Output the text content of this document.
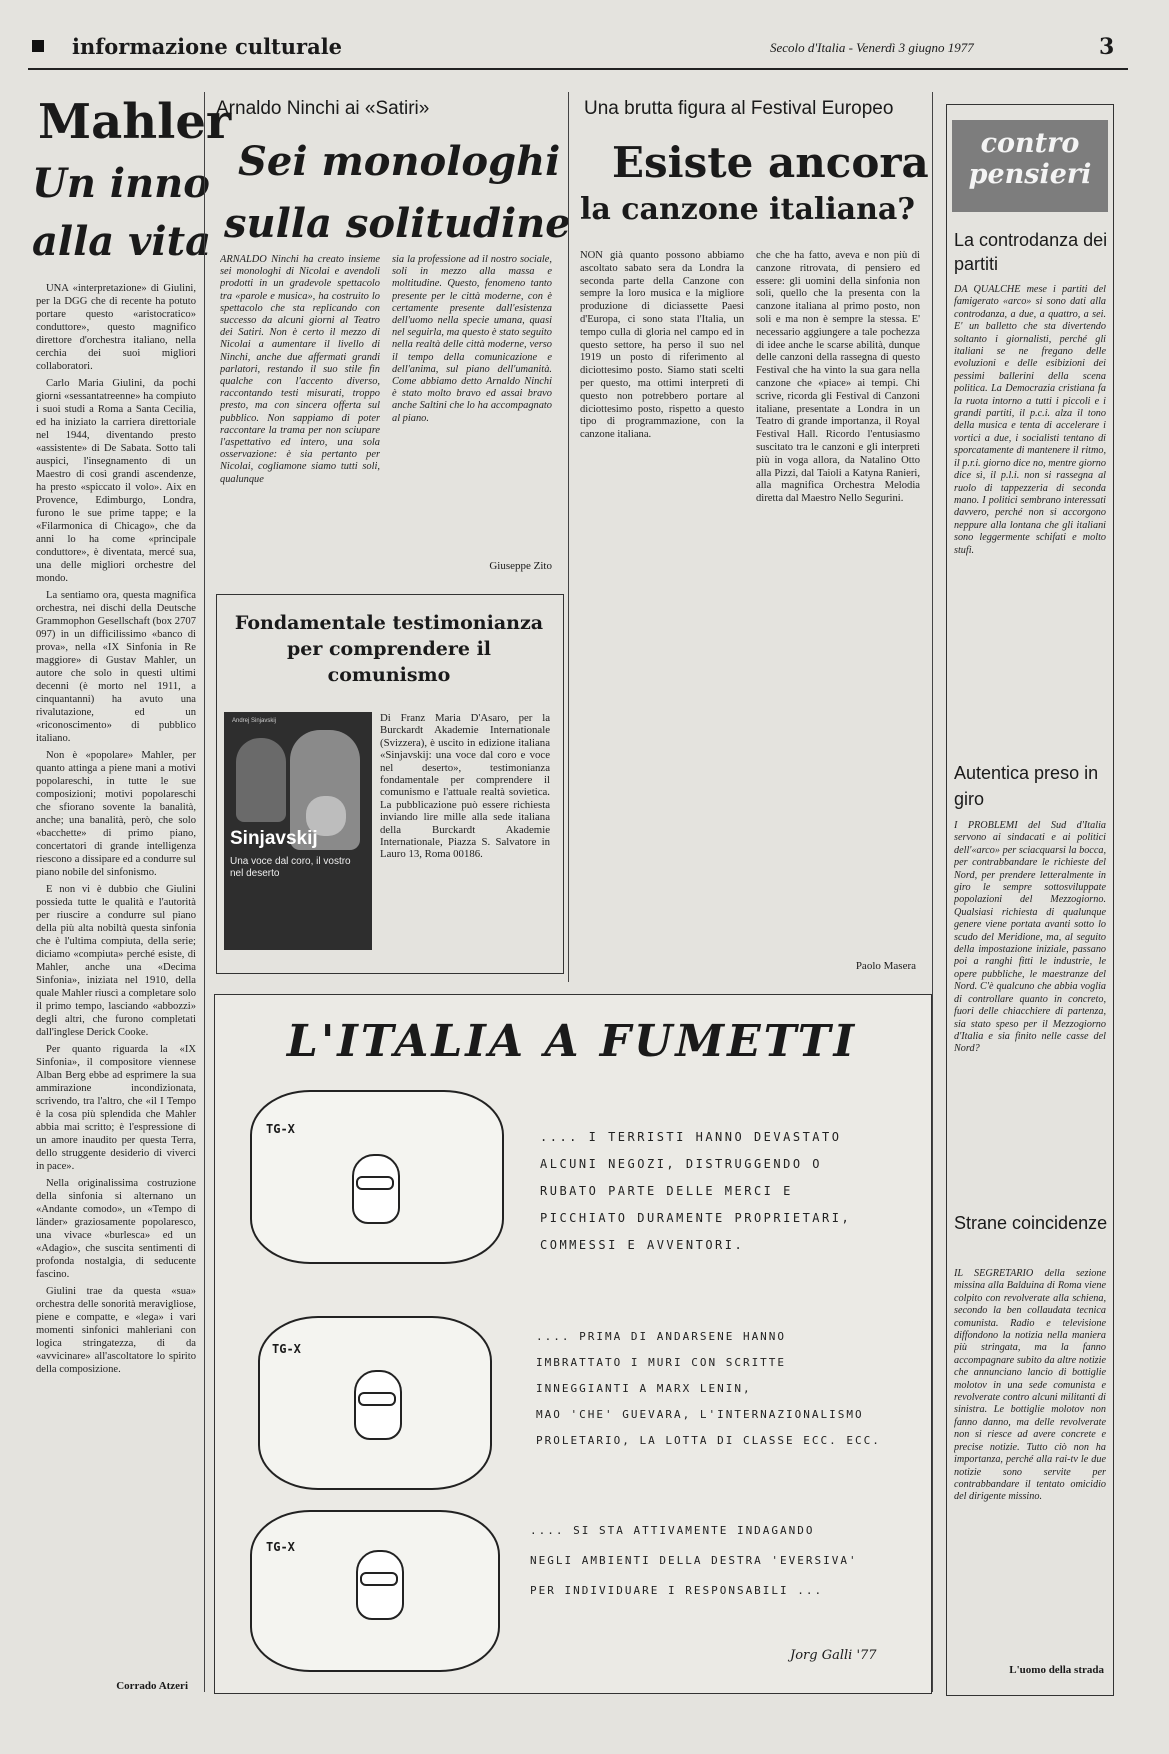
informazione culturale	Secolo d'Italia - Venerdì 3 giugno 1977	3
Mahler
Un inno
alla vita

UNA «interpretazione» di Giulini, per la DGG che di recente ha potuto portare questo «aristocratico» conduttore», questo magnifico direttore d'orchestra italiano, nella cerchia dei suoi migliori collaboratori.

Carlo Maria Giulini, da pochi giorni «sessantatreenne» ha compiuto i suoi studi a Roma a Santa Cecilia, ed ha iniziato la carriera direttoriale nel 1944, diventando presto «assistente» di De Sabata. Sotto tali auspici, l'insegnamento di un Maestro di così grandi ascendenze, ha presto «spiccato il volo». Aix en Provence, Edimburgo, Londra, furono le sue prime tappe; e la «Filarmonica di Chicago», che da anni lo ha come «principale conduttore», è diventata, mercé sua, una delle migliori orchestre del mondo.

La sentiamo ora, questa magnifica orchestra, nei dischi della Deutsche Grammophon Gesellschaft (box 2707 097) in un difficilissimo «banco di prova», nella «IX Sinfonia in Re maggiore» di Gustav Mahler, un autore che solo in questi ultimi decenni (è morto nel 1911, a cinquantanni) ha avuto una rivalutazione, ed un «riconoscimento» di pubblico italiano.

Non è «popolare» Mahler, per quanto attinga a piene mani a motivi popolareschi, in tutte le sue composizioni; motivi popolareschi che sfiorano sovente la banalità, anche; una banalità, però, che solo «bacchette» di primo piano, concertatori di grande intelligenza riescono a dissipare ed a condurre sul piano nobile del sinfonismo.

E non vi è dubbio che Giulini possieda tutte le qualità e l'autorità per riuscire a condurre sul piano della più alta nobiltà questa sinfonia che è l'ultima compiuta, della serie; diciamo «compiuta» perché esiste, di Mahler, anche una «Decima Sinfonia», iniziata nel 1910, della quale Mahler riuscì a completare solo il primo tempo, lasciando «abbozzi» degli altri, che furono completati dall'inglese Derick Cooke.

Per quanto riguarda la «IX Sinfonia», il compositore viennese Alban Berg ebbe ad esprimere la sua ammirazione incondizionata, scrivendo, tra l'altro, che «il I Tempo è la cosa più splendida che Mahler abbia mai scritto; è l'espressione di un amore inaudito per questa Terra, dello struggente desiderio di viverci in pace».

Nella originalissima costruzione della sinfonia si alternano un «Andante comodo», un «Tempo di länder» graziosamente popolaresco, una vivace «burlesca» ed un «Adagio», che suscita sentimenti di profonda nostalgia, di seducente fascino.

Giulini trae da questa «sua» orchestra delle sonorità meravigliose, piene e compatte, e «lega» i vari momenti sinfonici mahleriani con logica stringatezza, di da «avvicinare» all'ascoltatore lo spirito della composizione.

Corrado Atzeri
Arnaldo Ninchi ai «Satiri»
Sei monologhi
sulla solitudine
ARNALDO Ninchi ha creato insieme sei monologhi di Nicolai e avendoli prodotti in un gradevole spettacolo tra «parole e musica», ha costruito lo spettacolo che sta replicando con successo da alcuni giorni al Teatro dei Satiri. Non è certo il mezzo di Nicolai a aumentare il livello di Ninchi, anche due affermati grandi parlatori, restando il suo stile fin qualche con l'accento diverso, raccontando testi misurati, troppo presto, ma con sincera offerta sul pubblico. Non sappiamo di poter raccontare la trama per non sciupare l'aspettativo ed intero, una sola osservazione: è sia pertanto per Nicolai, cogliamone siamo tutti soli, qualunque
sia la professione ad il nostro sociale, soli in mezzo alla massa e moltitudine. Questo, fenomeno tanto presente per le città moderne, con è certamente presente dall'esistenza dell'uomo nella specie umana, quasi nel seguirla, ma questo è stato seguito nella realtà delle città moderne, verso il tempo della comunicazione e dell'anima, sul piano dell'umanità. Come abbiamo detto Arnaldo Ninchi è stato molto bravo ed assai bravo anche Saltini che lo ha accompagnato al piano.
Giuseppe Zito
Fondamentale testimonianza per comprendere il comunismo
Andrej Sinjavskij
Sinjavskij
Una voce dal coro, il vostro nel deserto
Di Franz Maria D'Asaro, per la Burckardt Akademie Internationale (Svizzera), è uscito in edizione italiana «Sinjavskij: una voce dal coro e voce nel deserto», testimonianza fondamentale per comprendere il comunismo e l'attuale realtà sovietica. La pubblicazione può essere richiesta inviando lire mille alla sede italiana della Burckardt Akademie Internationale, Piazza S. Salvatore in Lauro 13, Roma 00186.
Una brutta figura al Festival Europeo
Esiste ancora
la canzone italiana?
NON già quanto possono abbiamo ascoltato sabato sera da Londra la seconda parte della Canzone con sempre la loro musica e la migliore produzione di diciassette Paesi d'Europa, ci sono stata l'Italia, un tempo culla di gloria nel campo ed in questo settore, ha perso il suo nel 1919 un posto di riferimento al diciottesimo posto. Siamo stati scelti per questo, ma ottimi interpreti di questo non potrebbero portare al diciottesimo posto, rispetto a questo tipo di programmazione, con la canzone italiana.
che che ha fatto, aveva e non più di canzone ritrovata, di pensiero ed essere: gli uomini della sinfonia non soli, quello che la presenta con la canzone italiana al primo posto, non soli e ma non è sempre la stessa. E' necessario aggiungere a tale pochezza di idee anche le scarse abilità, dunque delle canzoni della rassegna di questo Festival che ha vinto la sua gara nella canzone che «piace» ai tempi. Chi scrive, ricorda gli Festival di Canzoni italiane, presentate a Londra in un Teatro di grande importanza, il Royal Festival Hall. Ricordo l'entusiasmo suscitato tra le canzoni e gli interpreti più in voga allora, da Natalino Otto alla Pizzi, dal Taioli a Katyna Ranieri, alla magnifica Orchestra Melodia diretta dal Maestro Nello Segurini.
Paolo Masera
L'ITALIA A FUMETTI
TG‑X
.... I TERRISTI HANNO DEVASTATO
ALCUNI NEGOZI, DISTRUGGENDO O
RUBATO PARTE DELLE MERCI E
PICCHIATO DURAMENTE PROPRIETARI,
COMMESSI E AVVENTORI.
TG‑X
.... PRIMA DI ANDARSENE HANNO
IMBRATTATO I MURI CON SCRITTE
INNEGGIANTI A MARX LENIN,
MAO 'CHE' GUEVARA, L'INTERNAZIONALISMO
PROLETARIO, LA LOTTA DI CLASSE ECC. ECC.
TG‑X
.... SI STA ATTIVAMENTE INDAGANDO
NEGLI AMBIENTI DELLA DESTRA 'EVERSIVA'
PER INDIVIDUARE I RESPONSABILI ...
Jorg Galli '77
contro
pensieri
La controdanza dei partiti
DA QUALCHE mese i partiti del famigerato «arco» si sono dati alla controdanza, a due, a quattro, a sei. E' un balletto che sta divertendo soltanto i giornalisti, perché gli italiani se ne fregano delle evoluzioni e delle esibizioni dei pessimi ballerini della scena politica. La Democrazia cristiana fa la ruota intorno a tutti i piccoli e i grandi partiti, il p.c.i. alza il tono della musica e tenta di accelerare i vortici a due, i socialisti tentano di sporcatamente di mantenere il ritmo, il p.r.i. giorno dice no, mentre giorno dice sì, il p.l.i. non si rassegna al ruolo di tappezzeria di seconda mano. I politici sembrano interessati davvero, perché non si accorgono neppure alla lontana che gli italiani sono leggermente schifati e molto stufi.
Autentica preso in giro
I PROBLEMI del Sud d'Italia servono ai sindacati e ai politici dell'«arco» per sciacquarsi la bocca, per contrabbandare le richieste del Nord, per prendere letteralmente in giro le sempre sottosviluppate popolazioni del Mezzogiorno. Qualsiasi richiesta di qualunque genere viene portata avanti sotto lo scudo del Meridione, ma, al seguito della impostazione iniziale, passano poi a ranghi fitti le industrie, le opere pubbliche, le maestranze del Nord. C'è qualcuno che abbia voglia di controllare quanto in concreto, fuori delle chiacchiere di partenza, sia stato speso per il Mezzogiorno d'Italia e sia finito nelle casse del Nord?
Strane coincidenze
IL SEGRETARIO della sezione missina alla Balduina di Roma viene colpito con revolverate alla schiena, secondo la ben collaudata tecnica comunista. Radio e televisione diffondono la notizia nella maniera più stringata, ma la fanno accompagnare subito da altre notizie che annunciano lancio di bottiglie molotov in una sede comunista e revolverate contro alcuni militanti di sinistra. Le bottiglie molotov non fanno danno, ma delle revolverate non si riesce ad avere concrete e precise notizie. Tutto ciò non ha importanza, perché alla rai-tv le due notizie sono servite per contrabbandare il tentato omicidio del dirigente missino.
L'uomo della strada
